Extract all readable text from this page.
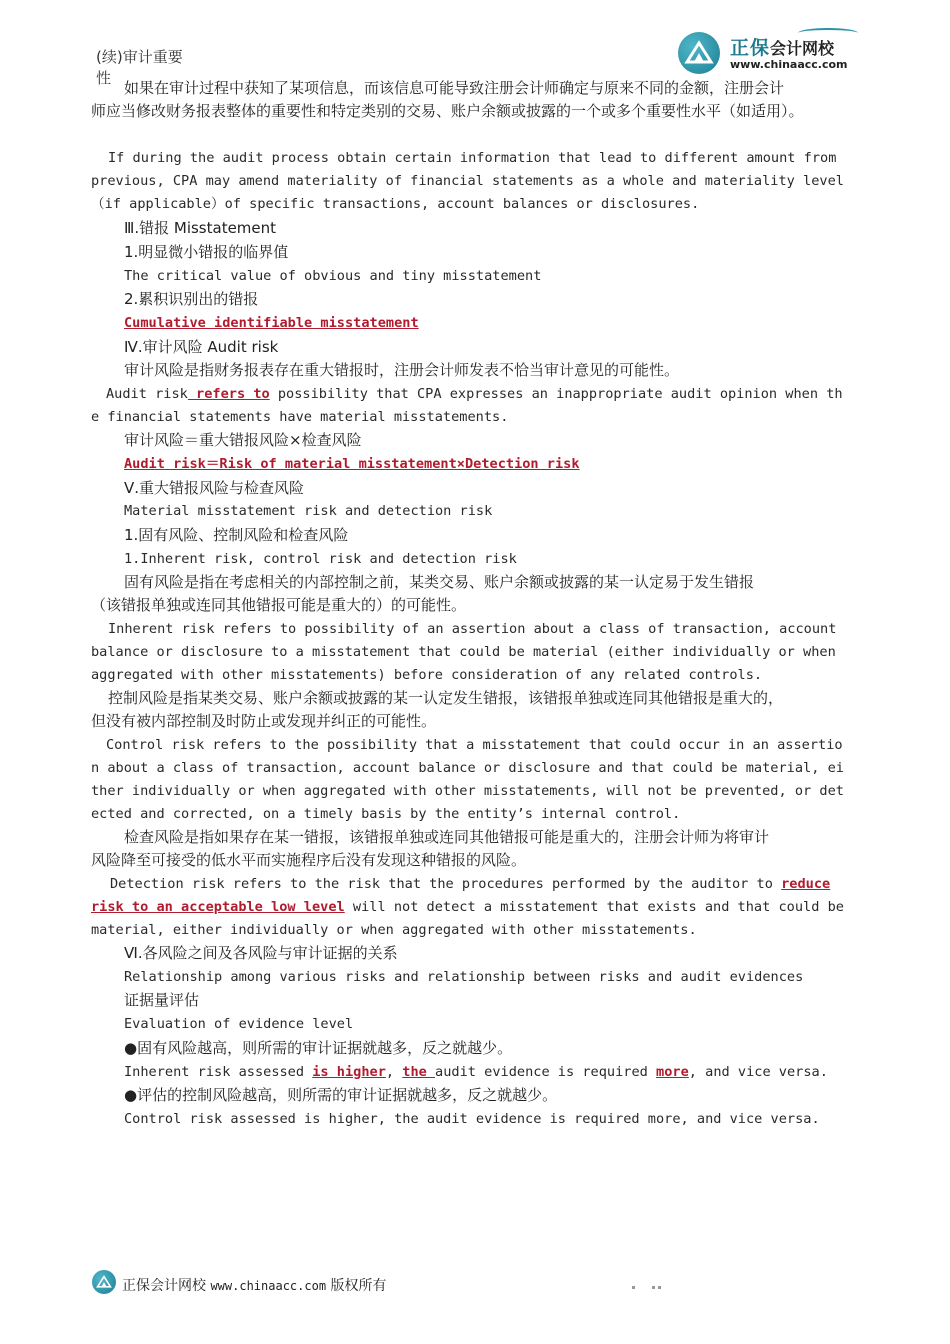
正保会计网校
www.chinaacc.com
(续)审计重要性
如果在审计过程中获知了某项信息，而该信息可能导致注册会计师确定与原来不同的金额，注册会计
师应当修改财务报表整体的重要性和特定类别的交易、账户余额或披露的一个或多个重要性水平（如适用）。
If during the audit process obtain certain information that lead to different amount from
previous, CPA may amend materiality of financial statements as a whole and materiality level
（if applicable）of specific transactions, account balances or disclosures.
Ⅲ.错报 Misstatement
1.明显微小错报的临界值
The critical value of obvious and tiny misstatement
2.累积识别出的错报
Cumulative identifiable misstatement
Ⅳ.审计风险 Audit risk
审计风险是指财务报表存在重大错报时，注册会计师发表不恰当审计意见的可能性。
Audit risk refers to possibility that CPA expresses an inappropriate audit opinion when th
e financial statements have material misstatements.
审计风险＝重大错报风险×检查风险
Audit risk＝Risk of material misstatement×Detection risk
Ⅴ.重大错报风险与检查风险
Material misstatement risk and detection risk
1.固有风险、控制风险和检查风险
1.Inherent risk, control risk and detection risk
固有风险是指在考虑相关的内部控制之前，某类交易、账户余额或披露的某一认定易于发生错报
（该错报单独或连同其他错报可能是重大的）的可能性。
Inherent risk refers to possibility of an assertion about a class of transaction, account
balance or disclosure to a misstatement that could be material (either individually or when
aggregated with other misstatements) before consideration of any related controls.
控制风险是指某类交易、账户余额或披露的某一认定发生错报，该错报单独或连同其他错报是重大的，
但没有被内部控制及时防止或发现并纠正的可能性。
Control risk refers to the possibility that a misstatement that could occur in an assertio
n about a class of transaction, account balance or disclosure and that could be material, ei
ther individually or when aggregated with other misstatements, will not be prevented, or det
ected and corrected, on a timely basis by the entity’s internal control.
检查风险是指如果存在某一错报，该错报单独或连同其他错报可能是重大的，注册会计师为将审计
风险降至可接受的低水平而实施程序后没有发现这种错报的风险。
Detection risk refers to the risk that the procedures performed by the auditor to reduce
risk to an acceptable low level will not detect a misstatement that exists and that could be
material, either individually or when aggregated with other misstatements.
Ⅵ.各风险之间及各风险与审计证据的关系
Relationship among various risks and relationship between risks and audit evidences
证据量评估
Evaluation of evidence level
●固有风险越高，则所需的审计证据就越多，反之就越少。
Inherent risk assessed is higher, the audit evidence is required more, and vice versa.
●评估的控制风险越高，则所需的审计证据就越多，反之就越少。
Control risk assessed is higher, the audit evidence is required more, and vice versa.
正保会计网校 www.chinaacc.com 版权所有
